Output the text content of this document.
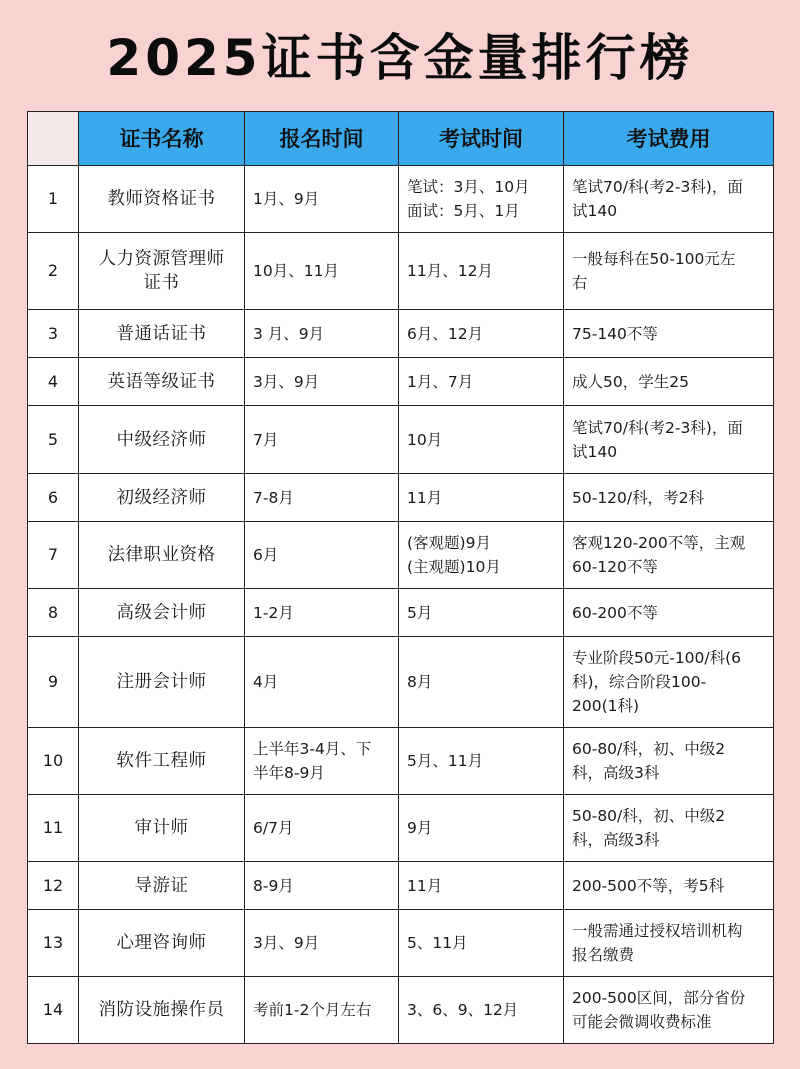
2025证书含金量排行榜
	证书名称	报名时间	考试时间	考试费用
1	教师资格证书	1月、9月	笔试：3月、10月
面试：5月、1月	笔试70/科(考2-3科)，面
试140

2	人力资源管理师
证书	10月、11月	11月、12月	一般每科在50-100元左
右

3	普通话证书	3 月、9月	6月、12月	75-140不等

4	英语等级证书	3月、9月	1月、7月	成人50，学生25

5	中级经济师	7月	10月	笔试70/科(考2-3科)，面
试140

6	初级经济师	7-8月	11月	50-120/科，考2科

7	法律职业资格	6月	(客观题)9月
(主观题)10月	客观120-200不等，主观
60-120不等

8	高级会计师	1-2月	5月	60-200不等

9	注册会计师	4月	8月	专业阶段50元-100/科(6
科)，综合阶段100-
200(1科)

10	软件工程师	上半年3-4月、下
半年8-9月	5月、11月	60-80/科，初、中级2
科，高级3科

11	审计师	6/7月	9月	50-80/科，初、中级2
科，高级3科

12	导游证	8-9月	11月	200-500不等，考5科

13	心理咨询师	3月、9月	5、11月	一般需通过授权培训机构
报名缴费

14	消防设施操作员	考前1-2个月左右	3、6、9、12月	200-500区间，部分省份
可能会微调收费标准
